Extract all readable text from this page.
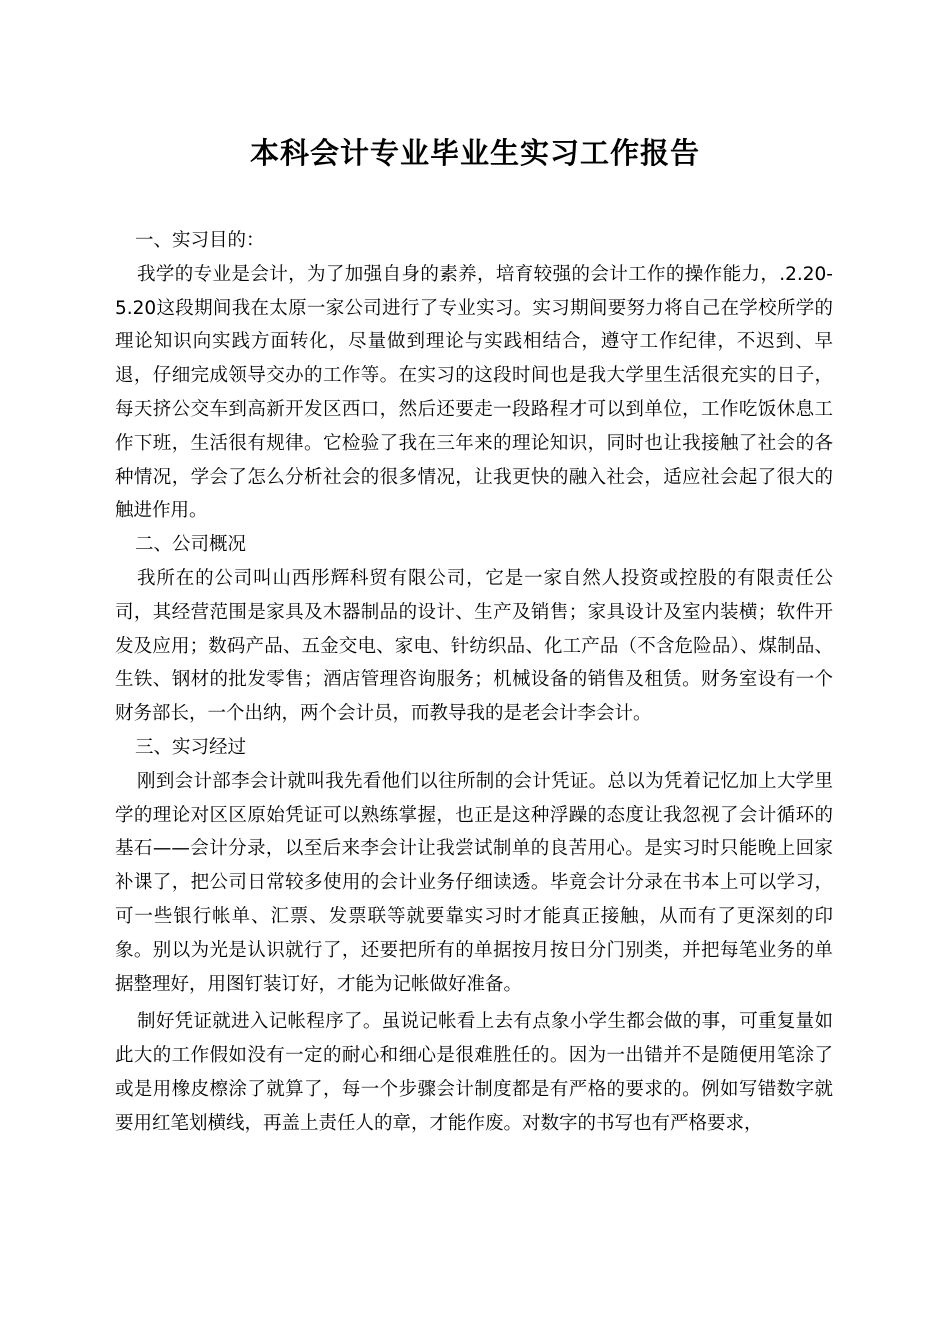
本科会计专业毕业生实习工作报告

一、实习目的：

我学的专业是会计，为了加强自身的素养，培育较强的会计工作的操作能力，.2.20-5.20这段期间我在太原一家公司进行了专业实习。实习期间要努力将自己在学校所学的理论知识向实践方面转化，尽量做到理论与实践相结合，遵守工作纪律，不迟到、早退，仔细完成领导交办的工作等。在实习的这段时间也是我大学里生活很充实的日子，每天挤公交车到高新开发区西口，然后还要走一段路程才可以到单位，工作吃饭休息工作下班，生活很有规律。它检验了我在三年来的理论知识，同时也让我接触了社会的各种情况，学会了怎么分析社会的很多情况，让我更快的融入社会，适应社会起了很大的触进作用。

二、公司概况

我所在的公司叫山西彤辉科贸有限公司，它是一家自然人投资或控股的有限责任公司，其经营范围是家具及木器制品的设计、生产及销售；家具设计及室内装横；软件开发及应用；数码产品、五金交电、家电、针纺织品、化工产品（不含危险品）、煤制品、生铁、钢材的批发零售；酒店管理咨询服务；机械设备的销售及租赁。财务室设有一个财务部长，一个出纳，两个会计员，而教导我的是老会计李会计。

三、实习经过

刚到会计部李会计就叫我先看他们以往所制的会计凭证。总以为凭着记忆加上大学里学的理论对区区原始凭证可以熟练掌握，也正是这种浮躁的态度让我忽视了会计循环的基石——会计分录，以至后来李会计让我尝试制单的良苦用心。是实习时只能晚上回家补课了，把公司日常较多使用的会计业务仔细读透。毕竟会计分录在书本上可以学习，可一些银行帐单、汇票、发票联等就要靠实习时才能真正接触，从而有了更深刻的印象。别以为光是认识就行了，还要把所有的单据按月按日分门别类，并把每笔业务的单据整理好，用图钉装订好，才能为记帐做好准备。

制好凭证就进入记帐程序了。虽说记帐看上去有点象小学生都会做的事，可重复量如此大的工作假如没有一定的耐心和细心是很难胜任的。因为一出错并不是随便用笔涂了或是用橡皮檫涂了就算了，每一个步骤会计制度都是有严格的要求的。例如写错数字就要用红笔划横线，再盖上责任人的章，才能作废。对数字的书写也有严格要求，
